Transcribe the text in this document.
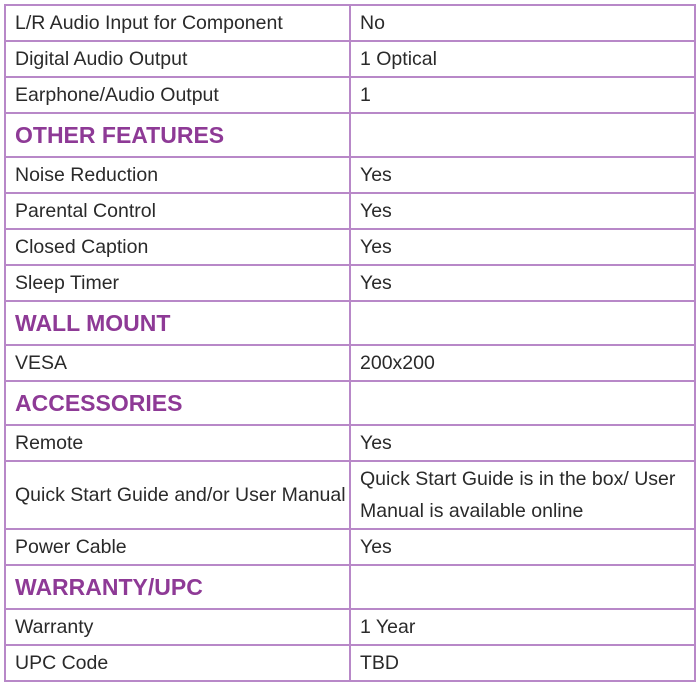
L/R Audio Input for Component	No
Digital Audio Output	1 Optical
Earphone/Audio Output	1
OTHER FEATURES	
Noise Reduction	Yes
Parental Control	Yes
Closed Caption	Yes
Sleep Timer	Yes
WALL MOUNT	
VESA	200x200
ACCESSORIES	
Remote	Yes
Quick Start Guide and/or User Manual	Quick Start Guide is in the box/ User Manual is available online
Power Cable	Yes
WARRANTY/UPC	
Warranty	1 Year
UPC Code	TBD
